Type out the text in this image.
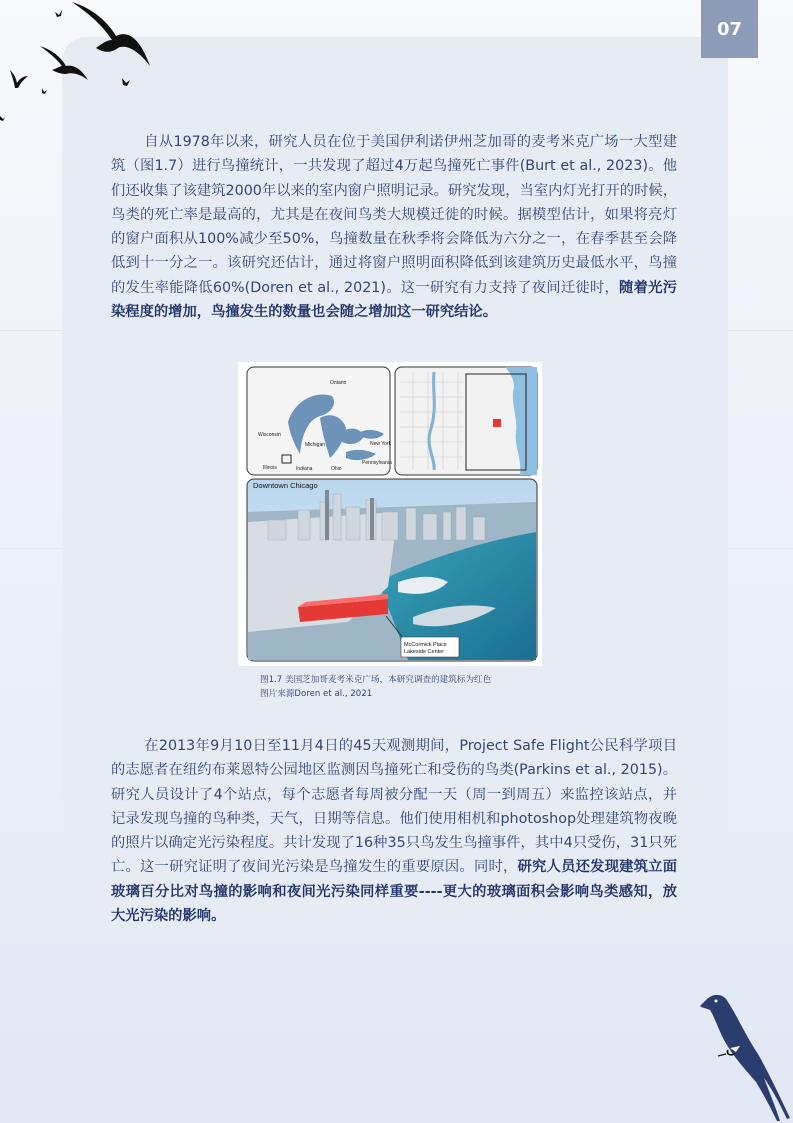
07

自从1978年以来，研究人员在位于美国伊利诺伊州芝加哥的麦考米克广场一大型建筑（图1.7）进行鸟撞统计，一共发现了超过4万起鸟撞死亡事件(Burt et al., 2023)。他们还收集了该建筑2000年以来的室内窗户照明记录。研究发现，当室内灯光打开的时候，鸟类的死亡率是最高的，尤其是在夜间鸟类大规模迁徙的时候。据模型估计，如果将亮灯的窗户面积从100%减少至50%，鸟撞数量在秋季将会降低为六分之一，在春季甚至会降低到十一分之一。该研究还估计，通过将窗户照明面积降低到该建筑历史最低水平，鸟撞的发生率能降低60%(Doren et al., 2021)。这一研究有力支持了夜间迁徙时，随着光污染程度的增加，鸟撞发生的数量也会随之增加这一研究结论。

Ontario
Wisconsin
Michigan	New York
Illinois	Indiana	Ohio
Pennsylvania
McCormick Place
Lakeside Center
Downtown Chicago
图1.7 美国芝加哥麦考米克广场，本研究调查的建筑标为红色
图片来源Doren et al., 2021

在2013年9月10日至11月4日的45天观测期间，Project Safe Flight公民科学项目的志愿者在纽约布莱恩特公园地区监测因鸟撞死亡和受伤的鸟类(Parkins et al., 2015)。研究人员设计了4个站点，每个志愿者每周被分配一天（周一到周五）来监控该站点，并记录发现鸟撞的鸟种类，天气，日期等信息。他们使用相机和photoshop处理建筑物夜晚的照片以确定光污染程度。共计发现了16种35只鸟发生鸟撞事件，其中4只受伤，31只死亡。这一研究证明了夜间光污染是鸟撞发生的重要原因。同时，研究人员还发现建筑立面玻璃百分比对鸟撞的影响和夜间光污染同样重要----更大的玻璃面积会影响鸟类感知，放大光污染的影响。
